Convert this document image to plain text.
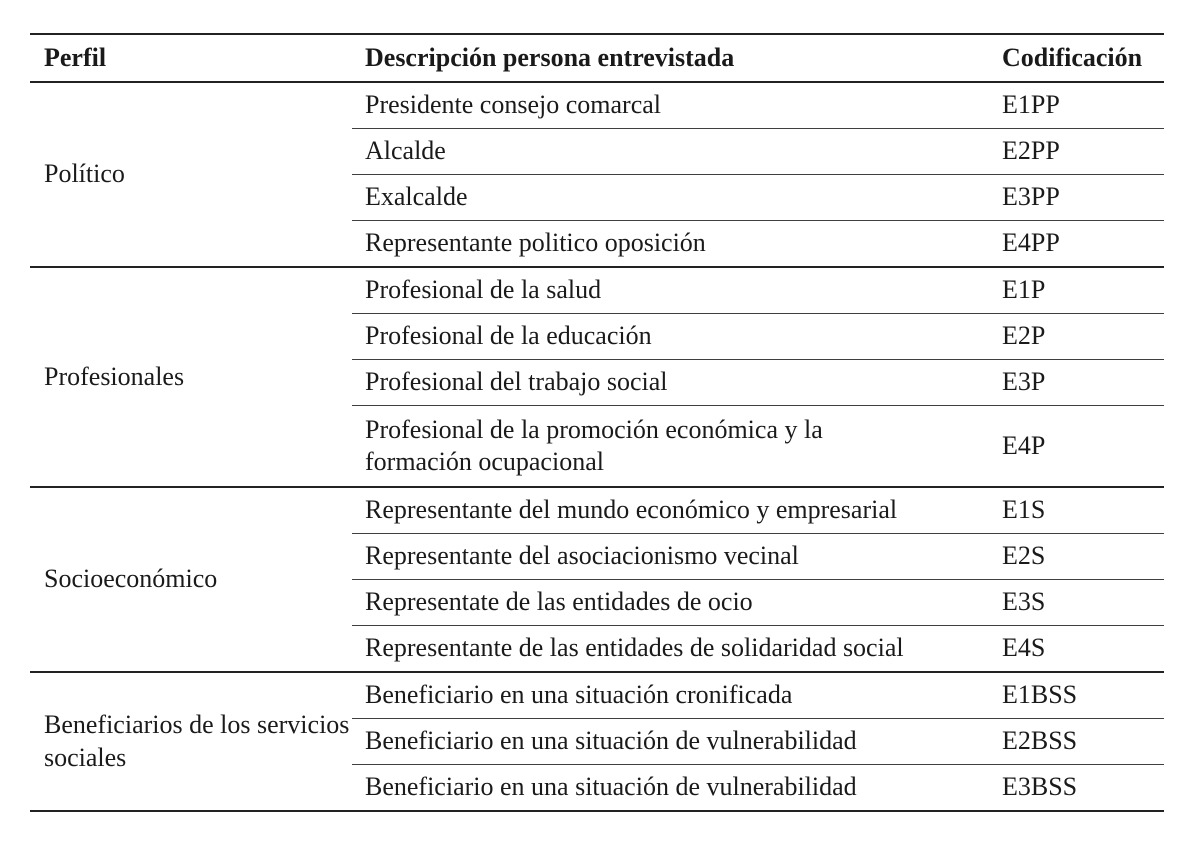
Perfil	Descripción persona entrevistada	Codificación
Político	Presidente consejo comarcal	E1PP
	Alcalde	E2PP
	Exalcalde	E3PP
	Representante politico oposición	E4PP
Profesionales	Profesional de la salud	E1P
	Profesional de la educación	E2P
	Profesional del trabajo social	E3P
	Profesional de la promoción económica y la formación ocupacional	E4P
Socioeconómico	Representante del mundo económico y empresarial	E1S
	Representante del asociacionismo vecinal	E2S
	Representate de las entidades de ocio	E3S
	Representante de las entidades de solidaridad social	E4S
Beneficiarios de los servicios sociales	Beneficiario en una situación cronificada	E1BSS
	Beneficiario en una situación de vulnerabilidad	E2BSS
	Beneficiario en una situación de vulnerabilidad	E3BSS
